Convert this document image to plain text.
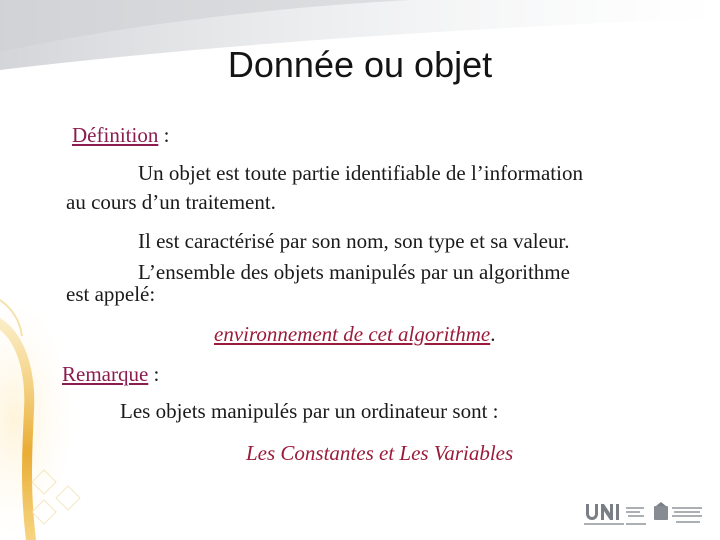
Donnée ou objet
Définition :
Un objet est toute partie identifiable de l’information
au cours d’un traitement.
Il est caractérisé par son nom, son type et sa valeur.
L’ensemble des objets manipulés par un algorithme
est appelé:
environnement de cet algorithme.
Remarque :
Les objets manipulés par un ordinateur sont :
Les Constantes et Les Variables
